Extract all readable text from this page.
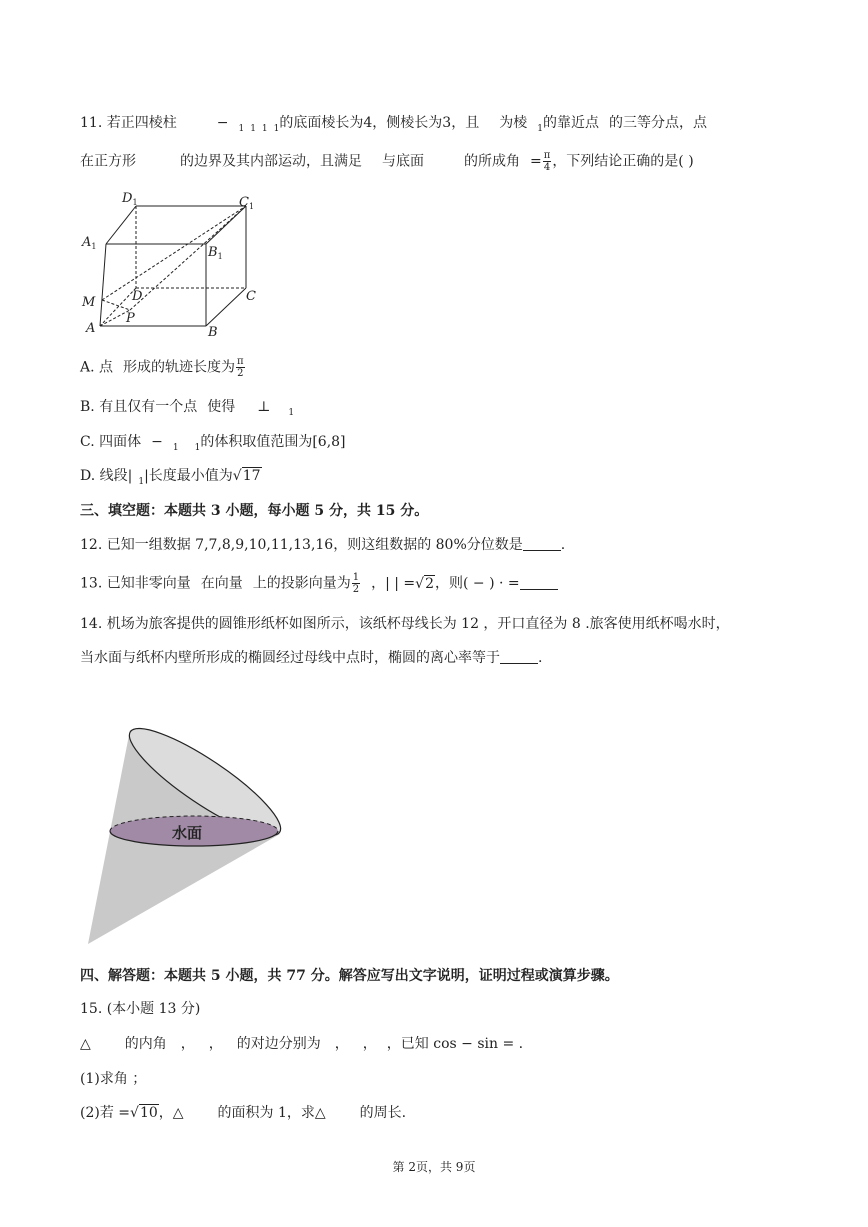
11. 若正四棱柱	− $_1$ $_1$ $_1$ $_1$的底面棱长为4，侧棱长为3，且 为棱 $_1$的靠近点 的三等分点，点
在正方形	的边界及其内部运动，且满足 与底面	的所成角 = $\frac{\pi}{4}$ ，下列结论正确的是( )
$D_1$	$C_1$
$A_1$	$B_1$
M	D	C
A
P
B
A. 点 形成的轨迹长度为 $\frac{\pi}{2}$
B. 有且仅有一个点 使得 ⊥ $_1$
C. 四面体 − $_1$ $_1$的体积取值范围为[6,8]
D. 线段| $_1$|长度最小值为√17
三、填空题：本题共 3 小题，每小题 5 分，共 15 分。
12. 已知一组数据 7,7,8,9,10,11,13,16，则这组数据的 80%分位数是	.
13. 已知非零向量 在向量 上的投影向量为 $\frac{1}{2}$ ，| | =√2，则( − ) · =
14. 机场为旅客提供的圆锥形纸杯如图所示，该纸杯母线长为 12 ，开口直径为 8 .旅客使用纸杯喝水时，
当水面与纸杯内壁所形成的椭圆经过母线中点时，椭圆的离心率等于	.
水面
四、解答题：本题共 5 小题，共 77 分。解答应写出文字说明，证明过程或演算步骤。
15. (本小题 13 分)
△ 的内角 ， ， 的对边分别为 ， ， ，已知 cos − sin = .
(1)求角 ；
(2)若 =√10，△ 的面积为 1，求△ 的周长.
第 2页，共 9页
